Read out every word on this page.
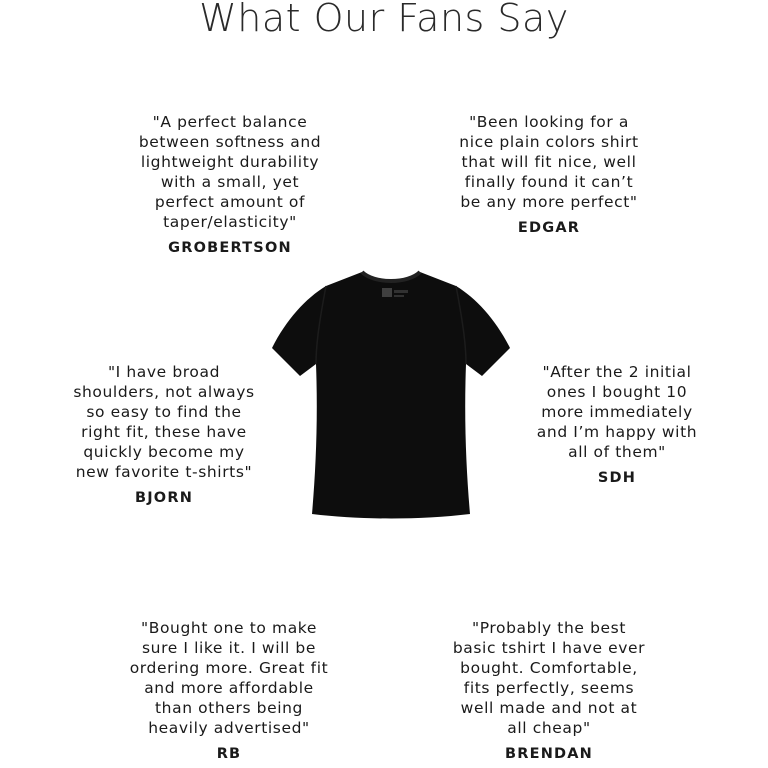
What Our Fans Say

"A perfect balance
between softness and
lightweight durability
with a small, yet
perfect amount of
taper/elasticity"

GROBERTSON

"Been looking for a
nice plain colors shirt
that will fit nice, well
finally found it can’t
be any more perfect"

EDGAR

"I have broad
shoulders, not always
so easy to find the
right fit, these have
quickly become my
new favorite t-shirts"

BJORN

"After the 2 initial
ones I bought 10
more immediately
and I’m happy with
all of them"

SDH

"Bought one to make
sure I like it. I will be
ordering more. Great fit
and more affordable
than others being
heavily advertised"

RB

"Probably the best
basic tshirt I have ever
bought. Comfortable,
fits perfectly, seems
well made and not at
all cheap"

BRENDAN
